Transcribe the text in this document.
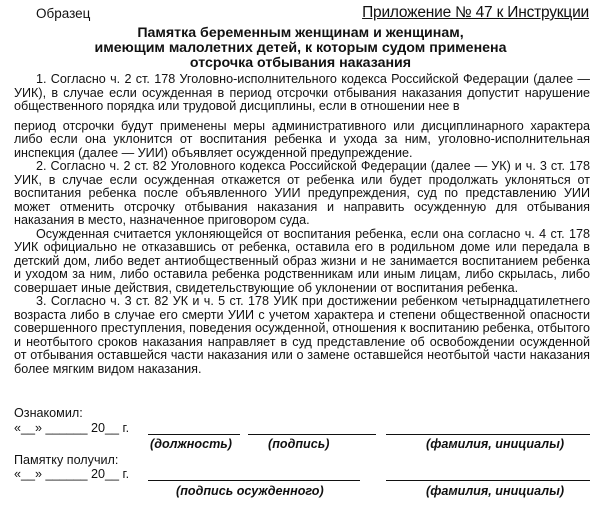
Образец	Приложение № 47 к Инструкции
Памятка беременным женщинам и женщинам,
имеющим малолетних детей, к которым судом применена
отсрочка отбывания наказания

1. Согласно ч. 2 ст. 178 Уголовно-исполнительного кодекса Российской Федерации (далее — УИК), в случае если осужденная в период отсрочки отбывания наказания допустит нарушение общественного порядка или трудовой дисциплины, если в отношении нее в

период отсрочки будут применены меры административного или дисциплинарного характера либо если она уклонится от воспитания ребенка и ухода за ним, уголовно-исполнительная инспекция (далее — УИИ) объявляет осужденной предупреждение.

2. Согласно ч. 2 ст. 82 Уголовного кодекса Российской Федерации (далее — УК) и ч. 3 ст. 178 УИК, в случае если осужденная откажется от ребенка или будет продолжать уклоняться от воспитания ребенка после объявленного УИИ предупреждения, суд по представлению УИИ может отменить отсрочку отбывания наказания и направить осужденную для отбывания наказания в место, назначенное приговором суда.

Осужденная считается уклоняющейся от воспитания ребенка, если она согласно ч. 4 ст. 178 УИК официально не отказавшись от ребенка, оставила его в родильном доме или передала в детский дом, либо ведет антиобщественный образ жизни и не занимается воспитанием ребенка и уходом за ним, либо оставила ребенка родственникам или иным лицам, либо скрылась, либо совершает иные действия, свидетельствующие об уклонении от воспитания ребенка.

3. Согласно ч. 3 ст. 82 УК и ч. 5 ст. 178 УИК при достижении ребенком четырнадцатилетнего возраста либо в случае его смерти УИИ с учетом характера и степени общественной опасности совершенного преступления, поведения осужденной, отношения к воспитанию ребенка, отбытого и неотбытого сроков наказания направляет в суд представление об освобождении осужденной от отбывания оставшейся части наказания или о замене оставшейся неотбытой части наказания более мягким видом наказания.

Ознакомил:
«__» ______ 20__ г.
(должность)	(подпись)	(фамилия, инициалы)
Памятку получил:
«__» ______ 20__ г.
(подпись осужденного)	(фамилия, инициалы)
